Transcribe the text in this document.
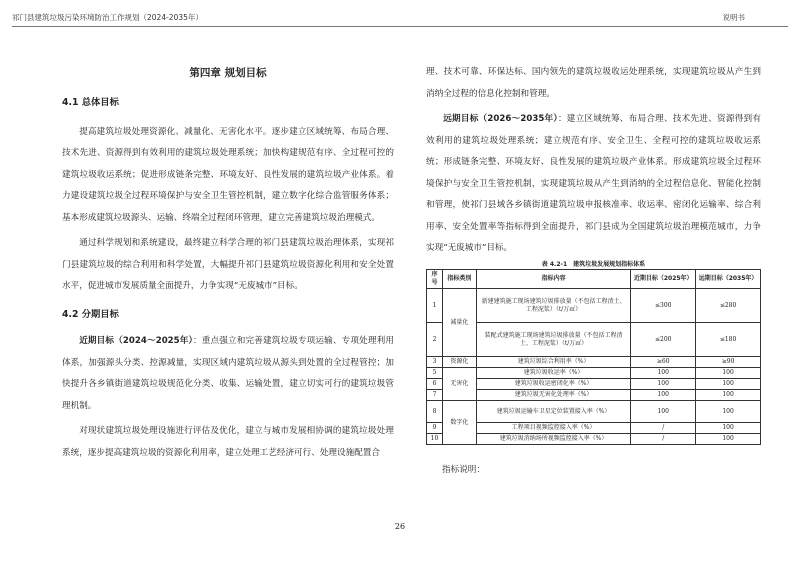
祁门县建筑垃圾污染环境防治工作规划（2024-2035年）	说明书

第四章 规划目标

4.1 总体目标

提高建筑垃圾处理资源化、减量化、无害化水平。逐步建立区域统筹、布局合理、技术先进、资源得到有效利用的建筑垃圾处理系统；加快构建规范有序、全过程可控的建筑垃圾收运系统；促进形成链条完整、环境友好、良性发展的建筑垃圾产业体系。着力建设建筑垃圾全过程环境保护与安全卫生管控机制，建立数字化综合监管服务体系；基本形成建筑垃圾源头、运输、终端全过程闭环管理，建立完善建筑垃圾治理模式。

通过科学规划和系统建设，最终建立科学合理的祁门县建筑垃圾治理体系，实现祁门县建筑垃圾的综合利用和科学处置，大幅提升祁门县建筑垃圾资源化利用和安全处置水平，促进城市发展质量全面提升，力争实现“无废城市”目标。

4.2 分期目标

近期目标（2024～2025年）：重点强立和完善建筑垃圾专项运输、专项处理利用体系，加强源头分类、控源减量，实现区域内建筑垃圾从源头到处置的全过程管控；加快提升各乡镇街道建筑垃圾规范化分类、收集、运输处置，建立切实可行的建筑垃圾管理机制。

对现状建筑垃圾处理设施进行评估及优化，建立与城市发展相协调的建筑垃圾处理系统，逐步提高建筑垃圾的资源化利用率，建立处理工艺经济可行、处理设施配置合

理、技术可靠、环保达标、国内领先的建筑垃圾收运处理系统，实现建筑垃圾从产生到消纳全过程的信息化控制和管理。

远期目标（2026～2035年）：建立区域统筹、布局合理、技术先进、资源得到有效利用的建筑垃圾处理系统；建立规范有序、安全卫生、全程可控的建筑垃圾收运系统；形成链条完整、环境友好、良性发展的建筑垃圾产业体系。形成建筑垃圾全过程环境保护与安全卫生管控机制，实现建筑垃圾从产生到消纳的全过程信息化、智能化控制和管理，使祁门县域各乡镇街道建筑垃圾申报核准率、收运率、密闭化运输率、综合利用率、安全处置率等指标得到全面提升，祁门县成为全国建筑垃圾治理模范城市，力争实现“无废城市”目标。

表 4.2-1　建筑垃圾发展规划指标体系
序号	指标类别	指标内容	近期目标（2025年）	远期目标（2035年）
1	减量化	新建建筑施工现场建筑垃圾排放量（不包括工程渣土、工程泥浆）（t/万㎡）	≤300	≤280
2		装配式建筑施工现场建筑垃圾排放量（不包括工程渣土、工程泥浆）（t/万㎡）	≤200	≤180
3	资源化	建筑垃圾综合利用率（%）	≥60	≥90
5	无害化	建筑垃圾收运率（%）	100	100
6		建筑垃圾收运密闭化率（%）	100	100
7		建筑垃圾无害化处理率（%）	100	100
8	数字化	建筑垃圾运输车卫星定位装置接入率（%）	100	100
9		工程项目视频监控接入率（%）	/	100
10		建筑垃圾消纳场所视频监控接入率（%）	/	100
指标说明：
26
